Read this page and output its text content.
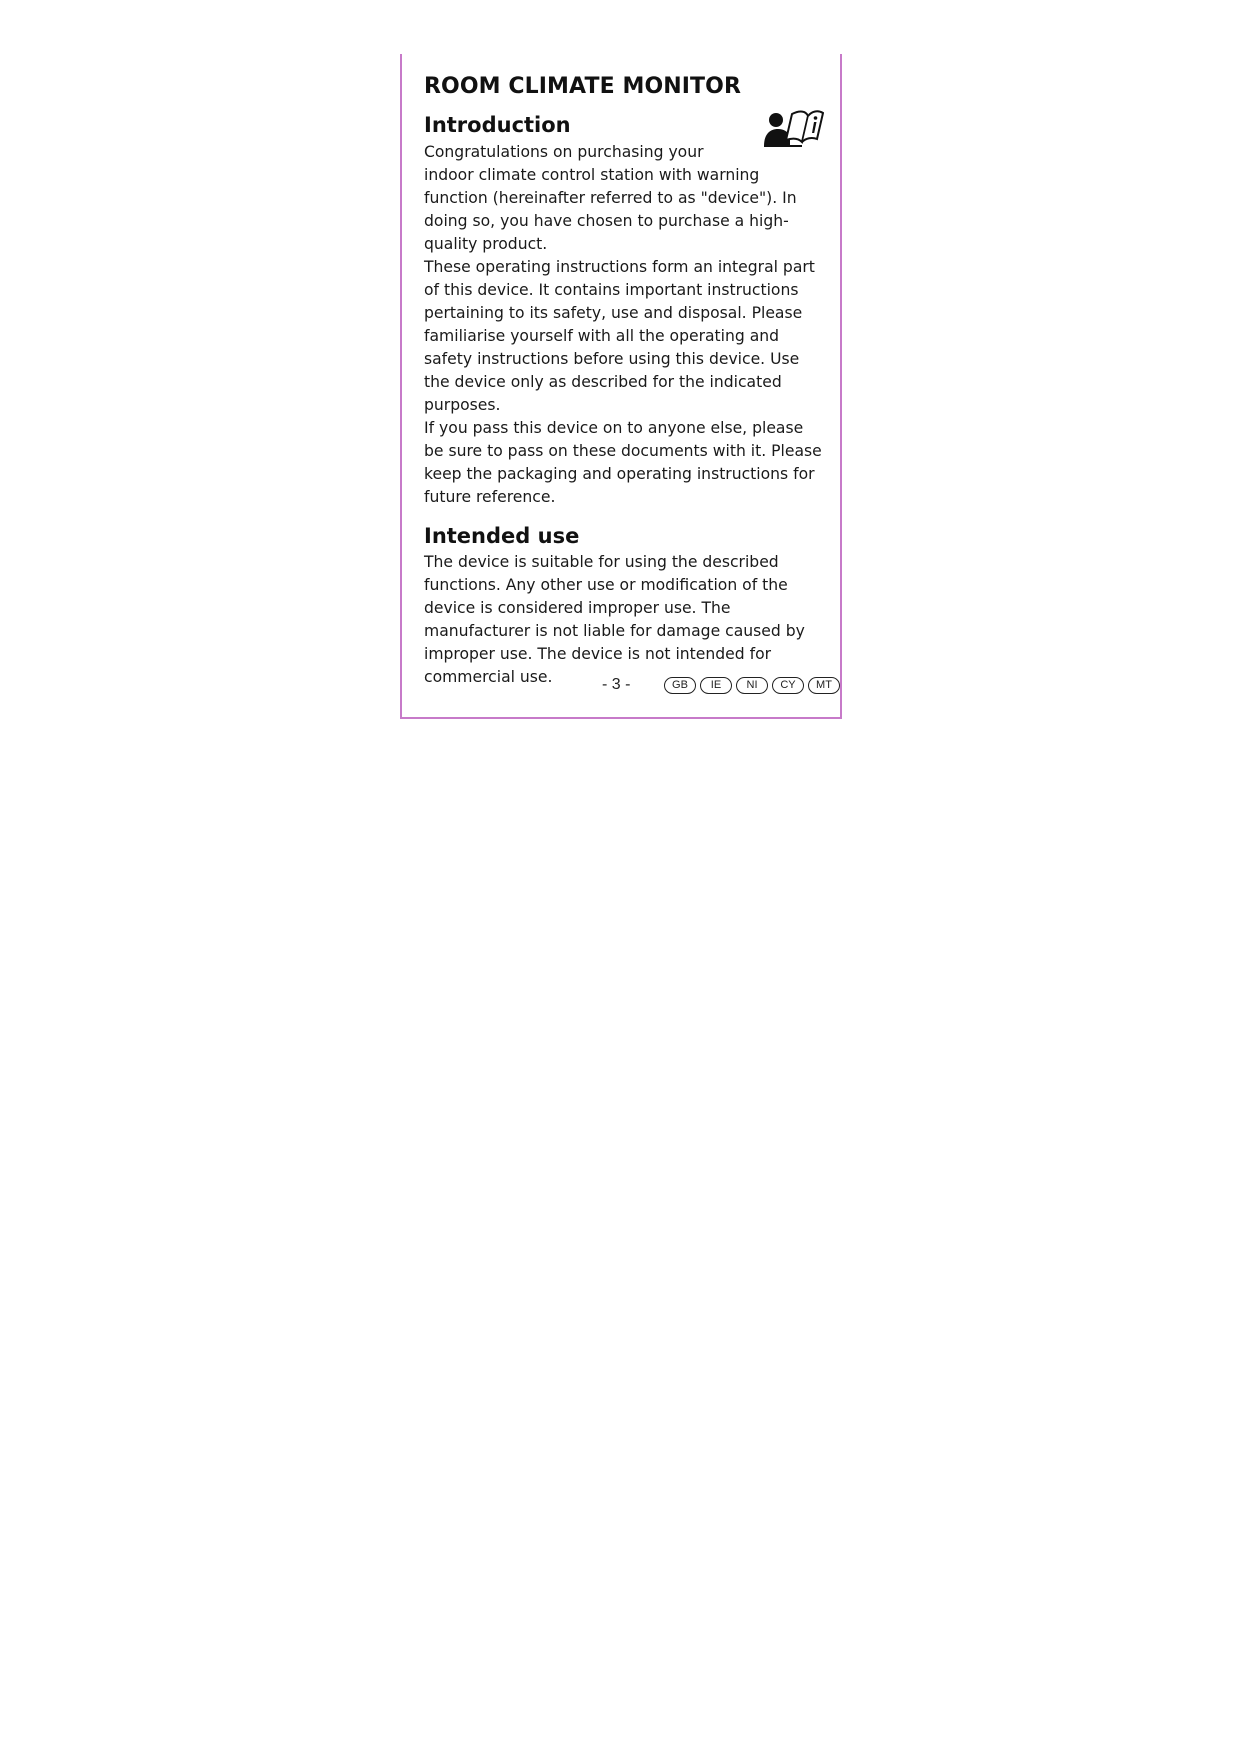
ROOM CLIMATE MONITOR
Introduction

Congratulations on purchasing your

indoor climate control station with warning function (hereinafter referred to as "device"). In doing so, you have chosen to purchase a high-quality product.

These operating instructions form an integral part of this device. It contains important instructions pertaining to its safety, use and disposal. Please familiarise yourself with all the operating and safety instructions before using this device. Use the device only as described for the indicated purposes.

If you pass this device on to anyone else, please be sure to pass on these documents with it. Please keep the packaging and operating instructions for future reference.

Intended use

The device is suitable for using the described functions. Any other use or modification of the device is considered improper use. The manufacturer is not liable for damage caused by improper use. The device is not intended for commercial use.	- 3 -	GB	IE	NI	CY	MT
